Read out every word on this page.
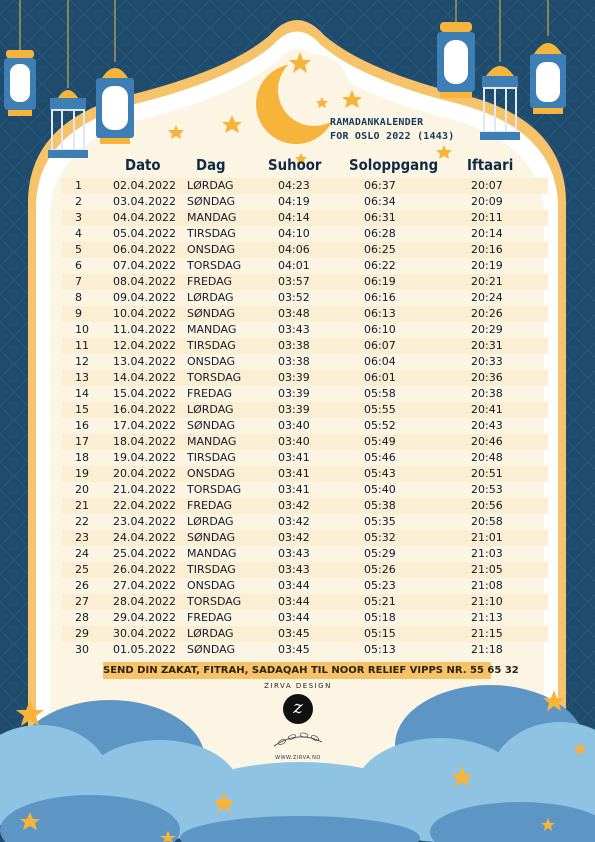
RAMADANKALENDER
FOR OSLO 2022 (1443)
Dato Dag	Suhoor Soloppgang Iftaari
1	02.04.2022 LØRDAG	04:23	06:37	20:07
2	03.04.2022 SØNDAG	04:19	06:34	20:09
3	04.04.2022 MANDAG	04:14	06:31	20:11
4	05.04.2022 TIRSDAG	04:10	06:28	20:14
5	06.04.2022 ONSDAG	04:06	06:25	20:16
6	07.04.2022 TORSDAG	04:01	06:22	20:19
7	08.04.2022 FREDAG	03:57	06:19	20:21
8	09.04.2022 LØRDAG	03:52	06:16	20:24
9	10.04.2022 SØNDAG	03:48	06:13	20:26
10 11.04.2022 MANDAG	03:43	06:10	20:29
11 12.04.2022 TIRSDAG	03:38	06:07	20:31
12 13.04.2022 ONSDAG	03:38	06:04	20:33
13 14.04.2022 TORSDAG	03:39	06:01	20:36
14 15.04.2022 FREDAG	03:39	05:58	20:38
15 16.04.2022 LØRDAG	03:39	05:55	20:41
16 17.04.2022 SØNDAG	03:40	05:52	20:43
17 18.04.2022 MANDAG	03:40	05:49	20:46
18 19.04.2022 TIRSDAG	03:41	05:46	20:48
19 20.04.2022 ONSDAG	03:41	05:43	20:51
20 21.04.2022 TORSDAG	03:41	05:40	20:53
21 22.04.2022 FREDAG	03:42	05:38	20:56
22 23.04.2022 LØRDAG	03:42	05:35	20:58
23 24.04.2022 SØNDAG	03:42	05:32	21:01
24 25.04.2022 MANDAG	03:43	05:29	21:03
25 26.04.2022 TIRSDAG	03:43	05:26	21:05
26 27.04.2022 ONSDAG	03:44	05:23	21:08
27 28.04.2022 TORSDAG	03:44	05:21	21:10
28 29.04.2022 FREDAG	03:44	05:18	21:13
29 30.04.2022 LØRDAG	03:45	05:15	21:15
30 01.05.2022 SØNDAG	03:45	05:13	21:18
SEND DIN ZAKAT, FITRAH, SADAQAH TIL NOOR RELIEF VIPPS NR. 55 65 32
ZIRVA DESIGN
z
WWW.ZIRVA.NO
